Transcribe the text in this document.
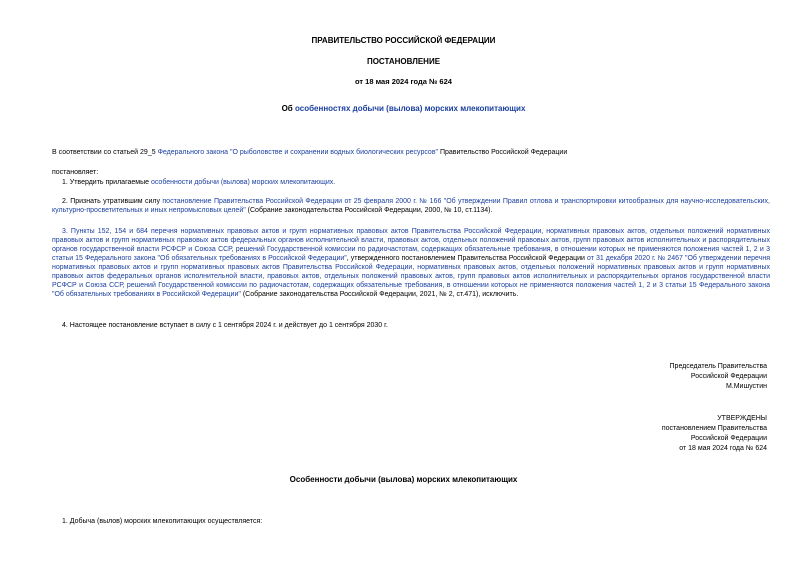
ПРАВИТЕЛЬСТВО РОССИЙСКОЙ ФЕДЕРАЦИИ
ПОСТАНОВЛЕНИЕ
от 18 мая 2024 года № 624
Об особенностях добычи (вылова) морских млекопитающих
В соответствии со статьей 29_5 Федерального закона "О рыболовстве и сохранении водных биологических ресурсов" Правительство Российской Федерации
постановляет:
1. Утвердить прилагаемые особенности добычи (вылова) морских млекопитающих.
2. Признать утратившим силу постановление Правительства Российской Федерации от 25 февраля 2000 г. № 166 "Об утверждении Правил отлова и транспортировки китообразных для научно-исследовательских, культурно-просветительных и иных непромысловых целей" (Собрание законодательства Российской Федерации, 2000, № 10, ст.1134).
3. Пункты 152, 154 и 684 перечня нормативных правовых актов и групп нормативных правовых актов Правительства Российской Федерации, нормативных правовых актов, отдельных положений нормативных правовых актов и групп нормативных правовых актов федеральных органов исполнительной власти, правовых актов, отдельных положений правовых актов, групп правовых актов исполнительных и распорядительных органов государственной власти РСФСР и Союза ССР, решений Государственной комиссии по радиочастотам, содержащих обязательные требования, в отношении которых не применяются положения частей 1, 2 и 3 статьи 15 Федерального закона "Об обязательных требованиях в Российской Федерации", утвержденного постановлением Правительства Российской Федерации от 31 декабря 2020 г. № 2467 "Об утверждении перечня нормативных правовых актов и групп нормативных правовых актов Правительства Российской Федерации, нормативных правовых актов, отдельных положений нормативных правовых актов и групп нормативных правовых актов федеральных органов исполнительной власти, правовых актов, отдельных положений правовых актов, групп правовых актов исполнительных и распорядительных органов государственной власти РСФСР и Союза ССР, решений Государственной комиссии по радиочастотам, содержащих обязательные требования, в отношении которых не применяются положения частей 1, 2 и 3 статьи 15 Федерального закона "Об обязательных требованиях в Российской Федерации" (Собрание законодательства Российской Федерации, 2021, № 2, ст.471), исключить.
4. Настоящее постановление вступает в силу с 1 сентября 2024 г. и действует до 1 сентября 2030 г.
Председатель Правительства
Российской Федерации
М.Мишустин
УТВЕРЖДЕНЫ
постановлением Правительства
Российской Федерации
от 18 мая 2024 года № 624
Особенности добычи (вылова) морских млекопитающих
1. Добыча (вылов) морских млекопитающих осуществляется:
